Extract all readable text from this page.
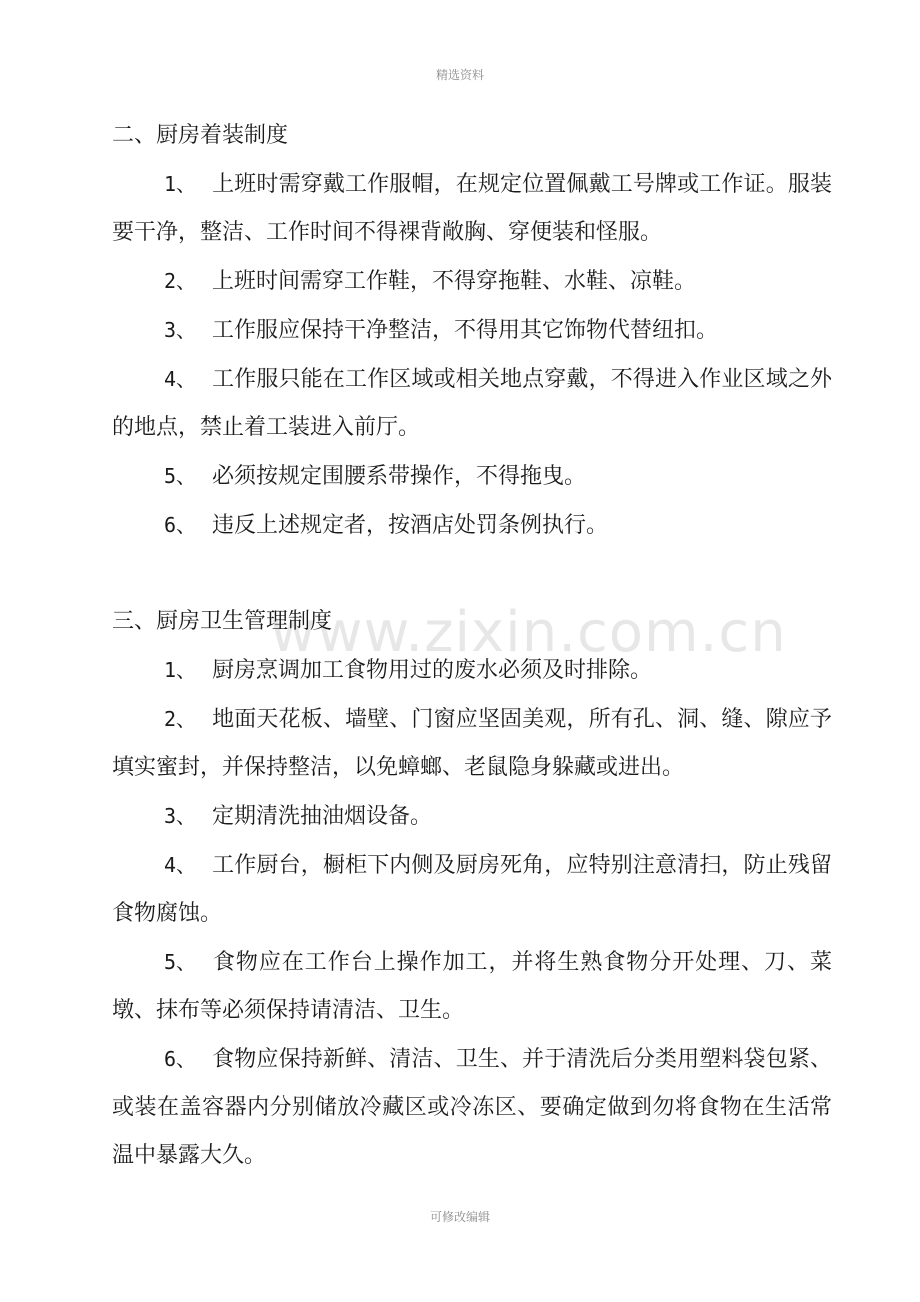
精选资料
二、厨房着装制度

1、 上班时需穿戴工作服帽，在规定位置佩戴工号牌或工作证。服装要干净，整洁、工作时间不得裸背敞胸、穿便装和怪服。

2、 上班时间需穿工作鞋，不得穿拖鞋、水鞋、凉鞋。

3、 工作服应保持干净整洁，不得用其它饰物代替纽扣。

4、 工作服只能在工作区域或相关地点穿戴，不得进入作业区域之外的地点，禁止着工装进入前厅。

5、 必须按规定围腰系带操作，不得拖曳。

6、 违反上述规定者，按酒店处罚条例执行。

三、厨房卫生管理制度

1、 厨房烹调加工食物用过的废水必须及时排除。

2、 地面天花板、墙壁、门窗应坚固美观，所有孔、洞、缝、隙应予填实蜜封，并保持整洁，以免蟑螂、老鼠隐身躲藏或进出。

3、 定期清洗抽油烟设备。

4、 工作厨台，橱柜下内侧及厨房死角，应特别注意清扫，防止残留食物腐蚀。

5、 食物应在工作台上操作加工，并将生熟食物分开处理、刀、菜墩、抹布等必须保持请清洁、卫生。

6、 食物应保持新鲜、清洁、卫生、并于清洗后分类用塑料袋包紧、或装在盖容器内分别储放冷藏区或冷冻区、要确定做到勿将食物在生活常温中暴露大久。

www.zixin.com.cn
可修改编辑
